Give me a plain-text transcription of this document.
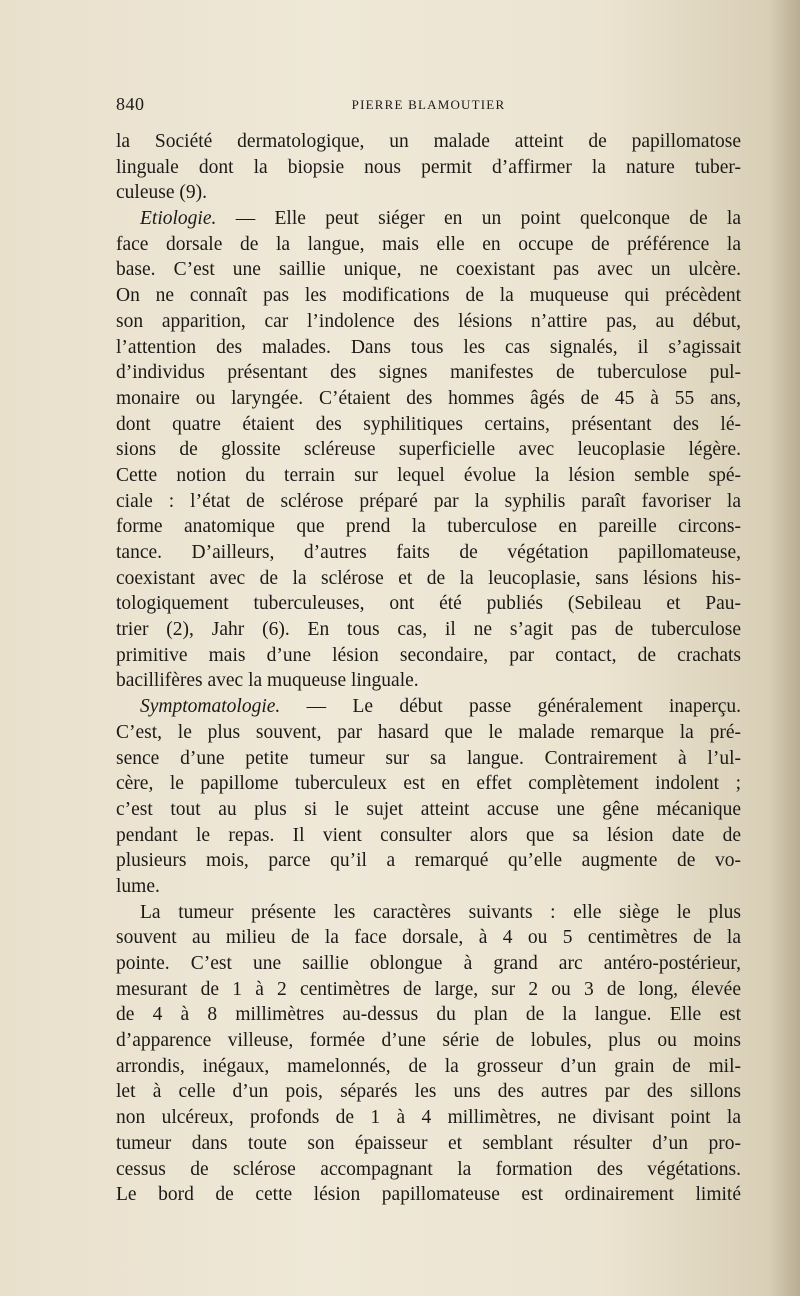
840	PIERRE BLAMOUTIER
la Société dermatologique, un malade atteint de papillomatose
linguale dont la biopsie nous permit d’affirmer la nature tuber-
culeuse (9).
Etiologie. — Elle peut siéger en un point quelconque de la
face dorsale de la langue, mais elle en occupe de préférence la
base. C’est une saillie unique, ne coexistant pas avec un ulcère.
On ne connaît pas les modifications de la muqueuse qui précèdent
son apparition, car l’indolence des lésions n’attire pas, au début,
l’attention des malades. Dans tous les cas signalés, il s’agissait
d’individus présentant des signes manifestes de tuberculose pul-
monaire ou laryngée. C’étaient des hommes âgés de 45 à 55 ans,
dont quatre étaient des syphilitiques certains, présentant des lé-
sions de glossite scléreuse superficielle avec leucoplasie légère.
Cette notion du terrain sur lequel évolue la lésion semble spé-
ciale : l’état de sclérose préparé par la syphilis paraît favoriser la
forme anatomique que prend la tuberculose en pareille circons-
tance. D’ailleurs, d’autres faits de végétation papillomateuse,
coexistant avec de la sclérose et de la leucoplasie, sans lésions his-
tologiquement tuberculeuses, ont été publiés (Sebileau et Pau-
trier (2), Jahr (6). En tous cas, il ne s’agit pas de tuberculose
primitive mais d’une lésion secondaire, par contact, de crachats
bacillifères avec la muqueuse linguale.
Symptomatologie. — Le début passe généralement inaperçu.
C’est, le plus souvent, par hasard que le malade remarque la pré-
sence d’une petite tumeur sur sa langue. Contrairement à l’ul-
cère, le papillome tuberculeux est en effet complètement indolent ;
c’est tout au plus si le sujet atteint accuse une gêne mécanique
pendant le repas. Il vient consulter alors que sa lésion date de
plusieurs mois, parce qu’il a remarqué qu’elle augmente de vo-
lume.
La tumeur présente les caractères suivants : elle siège le plus
souvent au milieu de la face dorsale, à 4 ou 5 centimètres de la
pointe. C’est une saillie oblongue à grand arc antéro-postérieur,
mesurant de 1 à 2 centimètres de large, sur 2 ou 3 de long, élevée
de 4 à 8 millimètres au-dessus du plan de la langue. Elle est
d’apparence villeuse, formée d’une série de lobules, plus ou moins
arrondis, inégaux, mamelonnés, de la grosseur d’un grain de mil-
let à celle d’un pois, séparés les uns des autres par des sillons
non ulcéreux, profonds de 1 à 4 millimètres, ne divisant point la
tumeur dans toute son épaisseur et semblant résulter d’un pro-
cessus de sclérose accompagnant la formation des végétations.
Le bord de cette lésion papillomateuse est ordinairement limité
